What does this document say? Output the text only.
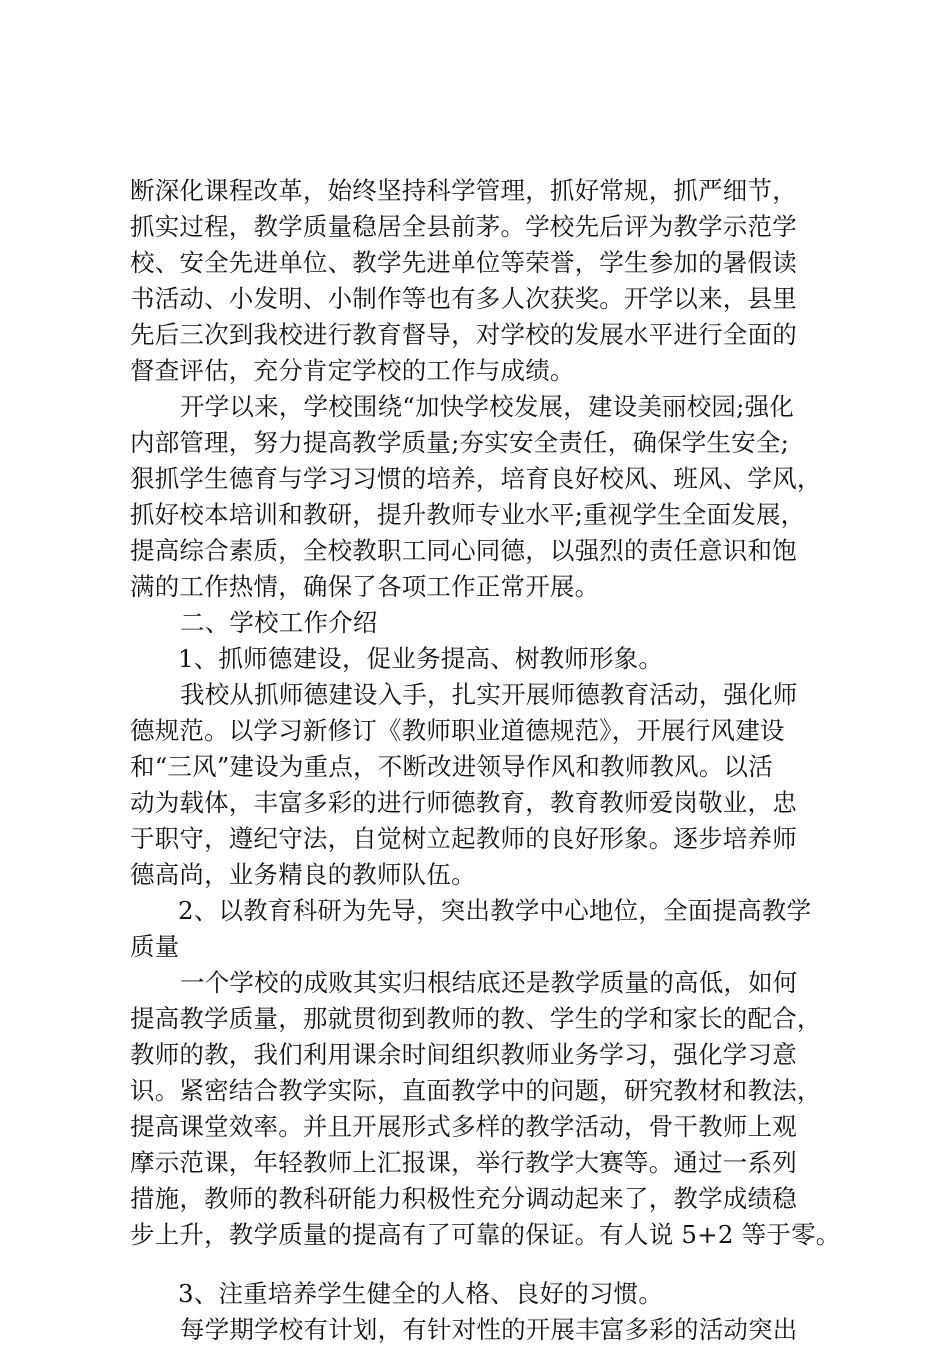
断深化课程改革，始终坚持科学管理，抓好常规，抓严细节，
抓实过程，教学质量稳居全县前茅。学校先后评为教学示范学
校、安全先进单位、教学先进单位等荣誉，学生参加的暑假读
书活动、小发明、小制作等也有多人次获奖。开学以来，县里
先后三次到我校进行教育督导，对学校的发展水平进行全面的
督查评估，充分肯定学校的工作与成绩。
开学以来，学校围绕“加快学校发展，建设美丽校园;强化
内部管理，努力提高教学质量;夯实安全责任，确保学生安全;
狠抓学生德育与学习习惯的培养，培育良好校风、班风、学风，
抓好校本培训和教研，提升教师专业水平;重视学生全面发展，
提高综合素质，全校教职工同心同德，以强烈的责任意识和饱
满的工作热情，确保了各项工作正常开展。
二、学校工作介绍
1、抓师德建设，促业务提高、树教师形象。
我校从抓师德建设入手，扎实开展师德教育活动，强化师
德规范。以学习新修订《教师职业道德规范》，开展行风建设
和“三风”建设为重点，不断改进领导作风和教师教风。以活
动为载体，丰富多彩的进行师德教育，教育教师爱岗敬业，忠
于职守，遵纪守法，自觉树立起教师的良好形象。逐步培养师
德高尚，业务精良的教师队伍。
2、以教育科研为先导，突出教学中心地位，全面提高教学
质量
一个学校的成败其实归根结底还是教学质量的高低，如何
提高教学质量，那就贯彻到教师的教、学生的学和家长的配合，
教师的教，我们利用课余时间组织教师业务学习，强化学习意
识。紧密结合教学实际，直面教学中的问题，研究教材和教法，
提高课堂效率。并且开展形式多样的教学活动，骨干教师上观
摩示范课，年轻教师上汇报课，举行教学大赛等。通过一系列
措施，教师的教科研能力积极性充分调动起来了，教学成绩稳
步上升，教学质量的提高有了可靠的保证。有人说 5+2 等于零。
3、注重培养学生健全的人格、良好的习惯。
每学期学校有计划，有针对性的开展丰富多彩的活动突出
